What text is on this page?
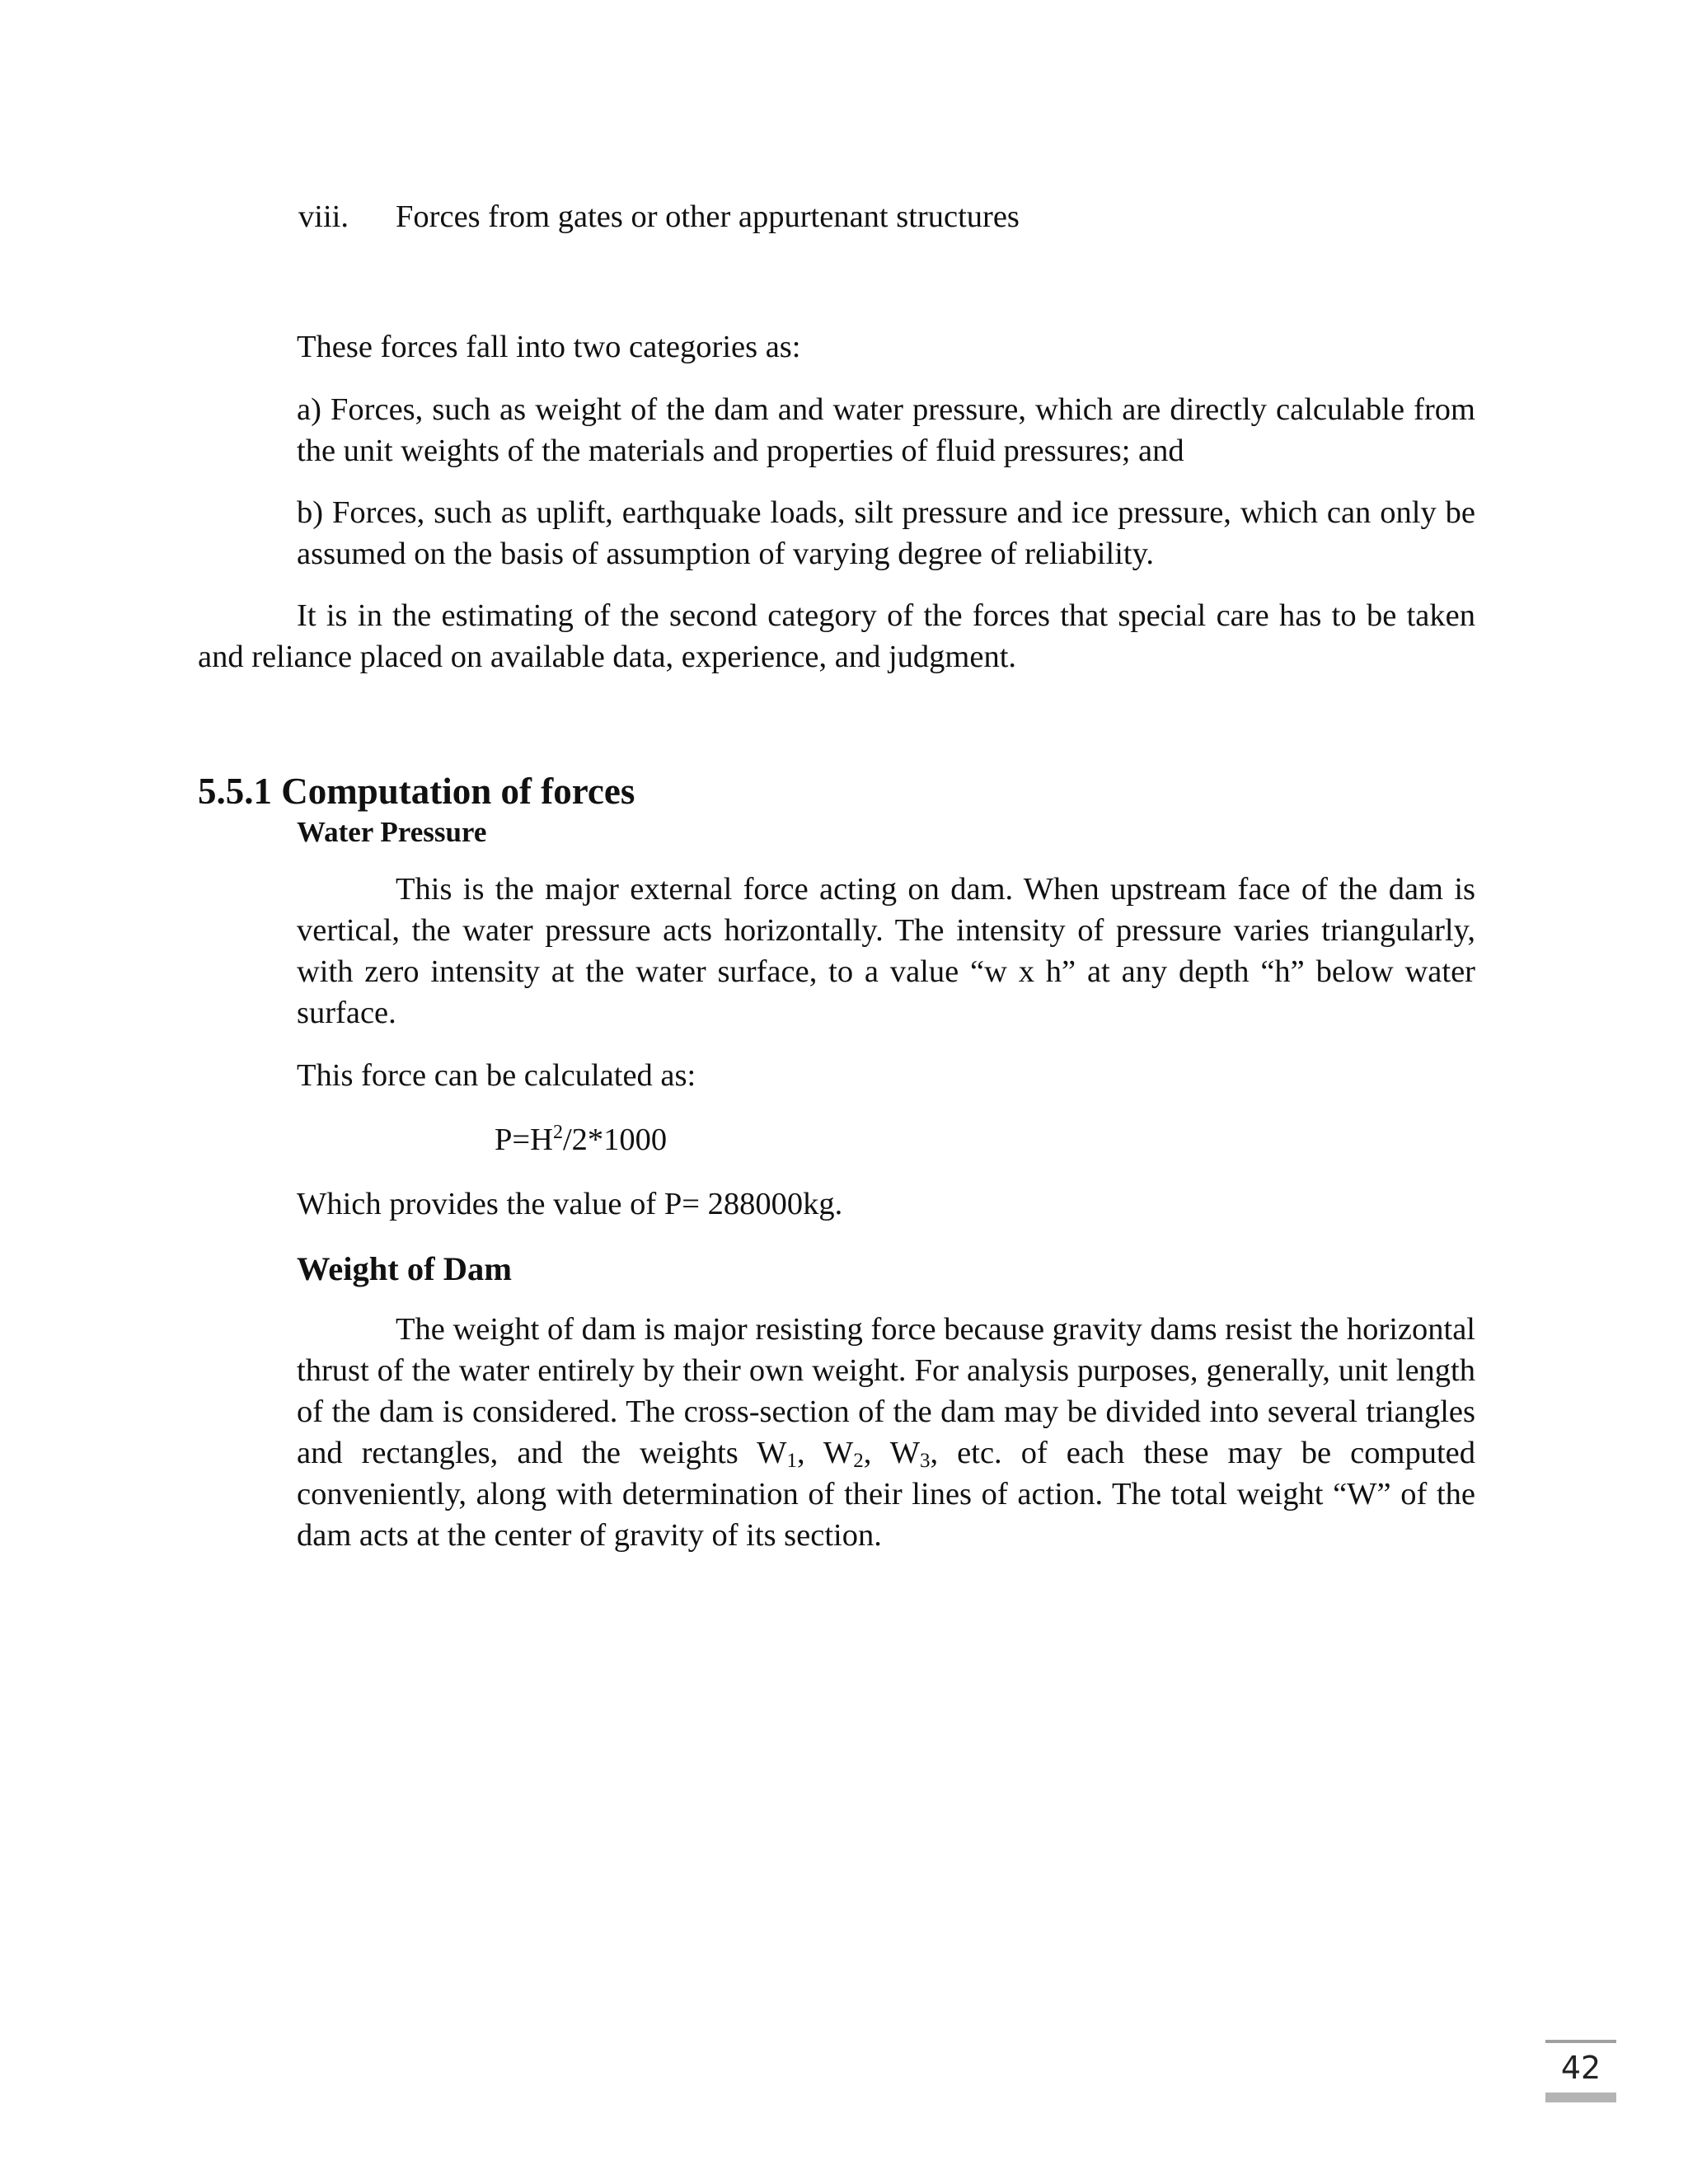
viii. Forces from gates or other appurtenant structures

These forces fall into two categories as:

a) Forces, such as weight of the dam and water pressure, which are directly calculable from the unit weights of the materials and properties of fluid pressures; and

b) Forces, such as uplift, earthquake loads, silt pressure and ice pressure, which can only be assumed on the basis of assumption of varying degree of reliability.

It is in the estimating of the second category of the forces that special care has to be taken and reliance placed on available data, experience, and judgment.

5.5.1 Computation of forces
Water Pressure

This is the major external force acting on dam. When upstream face of the dam is vertical, the water pressure acts horizontally. The intensity of pressure varies triangularly, with zero intensity at the water surface, to a value “w x h” at any depth “h” below water surface.

This force can be calculated as:

$P=H^2/2*1000$

Which provides the value of P= 288000kg.

Weight of Dam

The weight of dam is major resisting force because gravity dams resist the horizontal thrust of the water entirely by their own weight. For analysis purposes, generally, unit length of the dam is considered. The cross-section of the dam may be divided into several triangles and rectangles, and the weights $W_1$, $W_2$, $W_3$, etc. of each these may be computed conveniently, along with determination of their lines of action. The total weight “W” of the dam acts at the center of gravity of its section.

42
